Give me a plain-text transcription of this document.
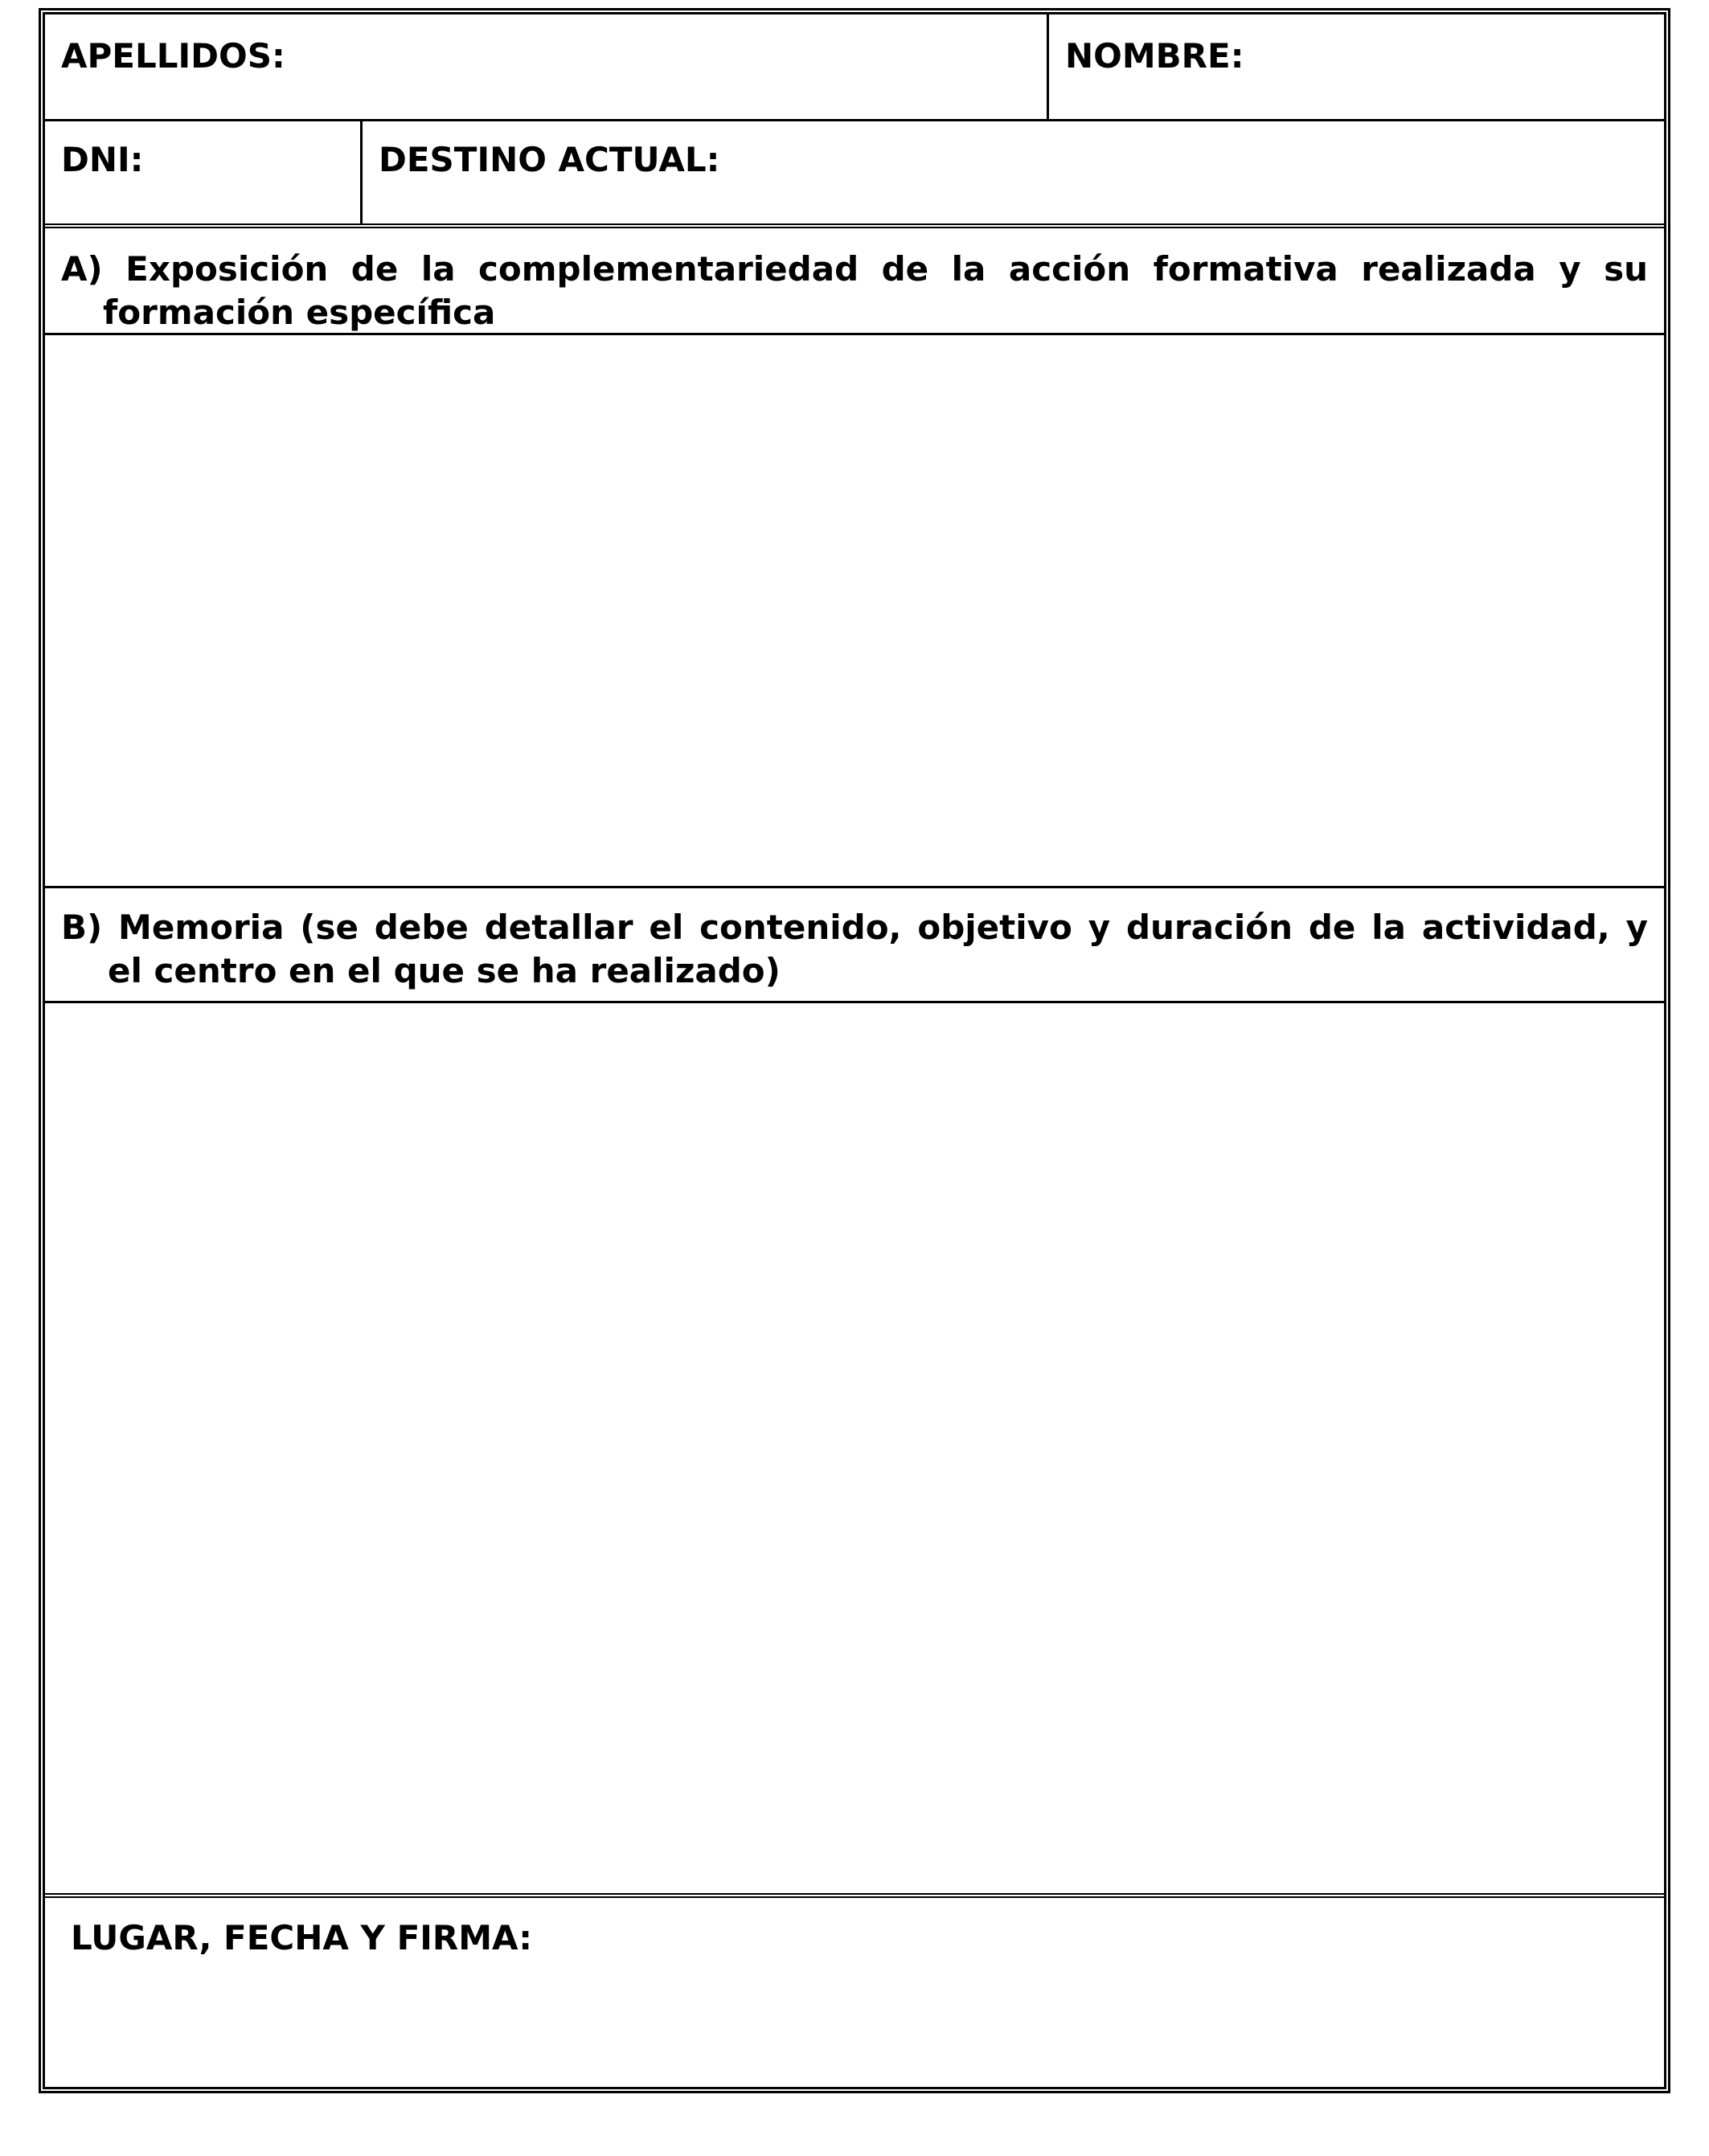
APELLIDOS:	NOMBRE:
DNI:	DESTINO ACTUAL:
A) Exposición de la complementariedad de la acción formativa realizada y su
formación específica
B) Memoria (se debe detallar el contenido, objetivo y duración de la actividad, y
el centro en el que se ha realizado)
LUGAR, FECHA Y FIRMA:
